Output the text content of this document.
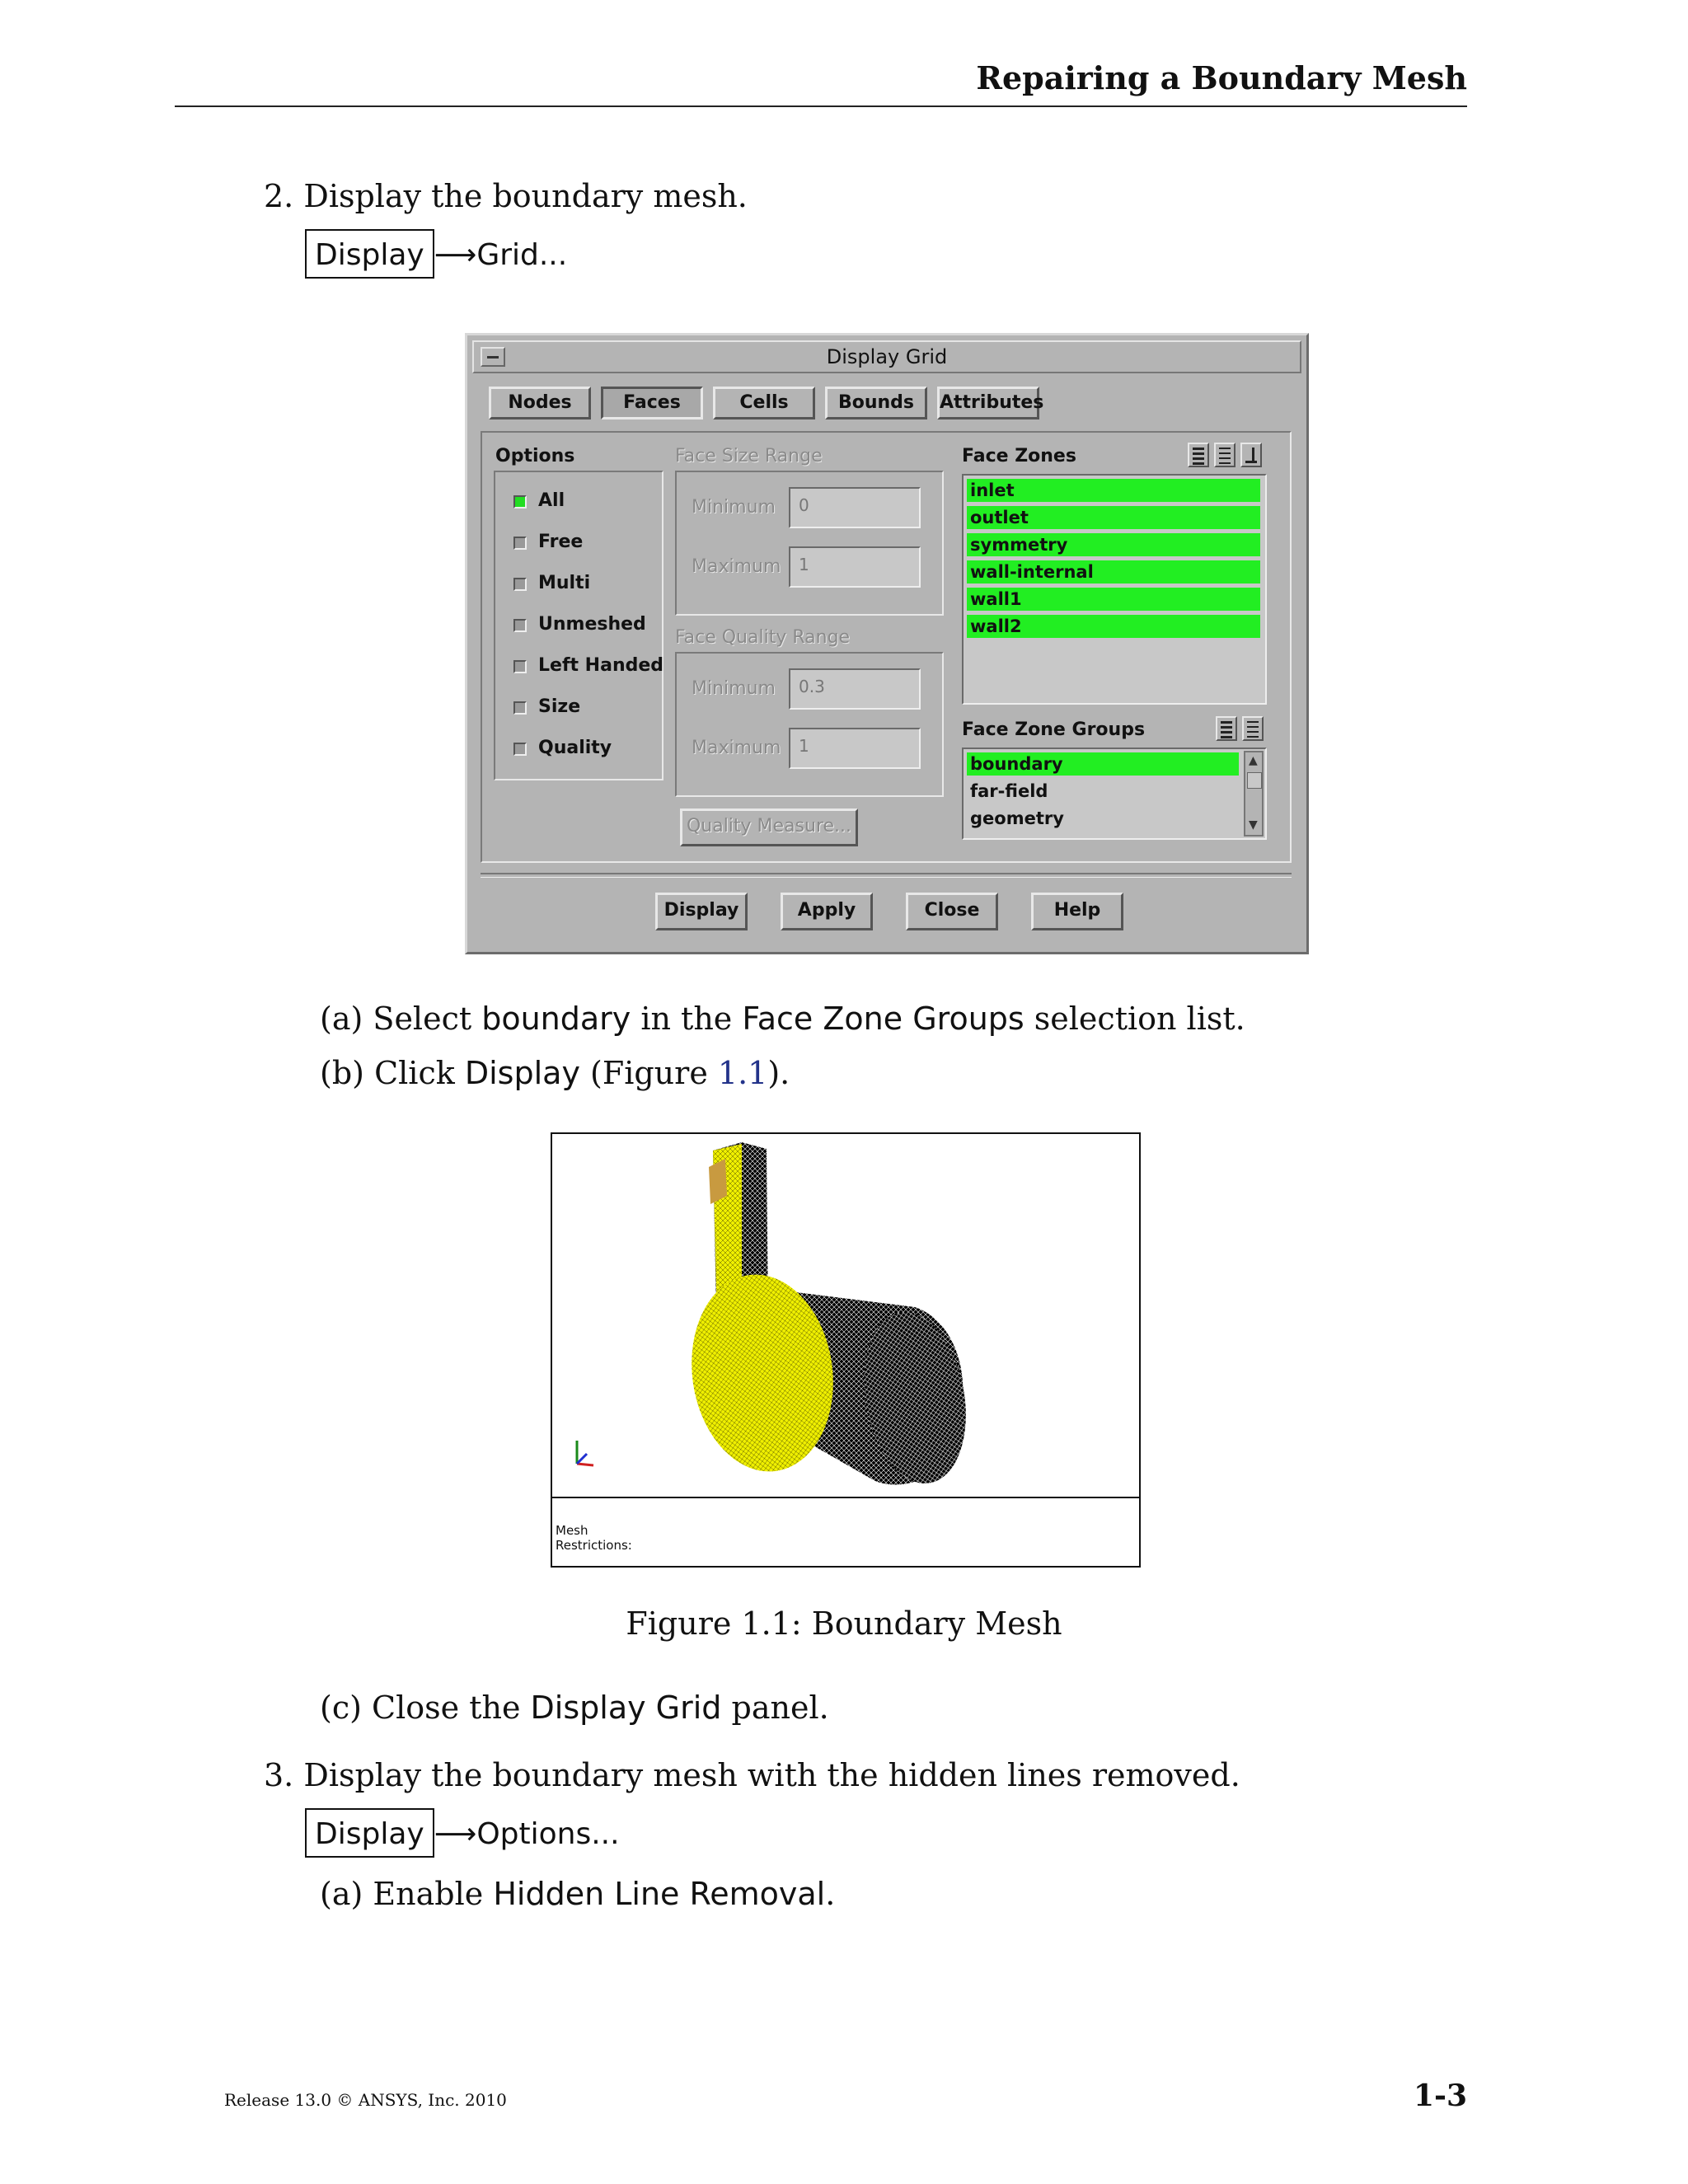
Repairing a Boundary Mesh
2. Display the boundary mesh.
Display ⟶Grid...
Display Grid
Nodes	Faces	Cells	Bounds	Attributes
Options
All
Free
Multi
Unmeshed
Left Handed
Size
Quality
Face Size Range
Minimum	0
Maximum	1
Face Quality Range
Minimum	0.3
Maximum	1
Quality Measure...
Face Zones
inlet
outlet
symmetry
wall-internal
wall1
wall2
Face Zone Groups
boundary
far-field
geometry
▲
▼
Display	Apply	Close	Help
(a) Select boundary in the Face Zone Groups selection list.
(b) Click Display (Figure 1.1).
Mesh
Restrictions:
Figure 1.1: Boundary Mesh
(c) Close the Display Grid panel.
3. Display the boundary mesh with the hidden lines removed.
Display ⟶Options...
(a) Enable Hidden Line Removal.
Release 13.0 © ANSYS, Inc. 2010	1-3
